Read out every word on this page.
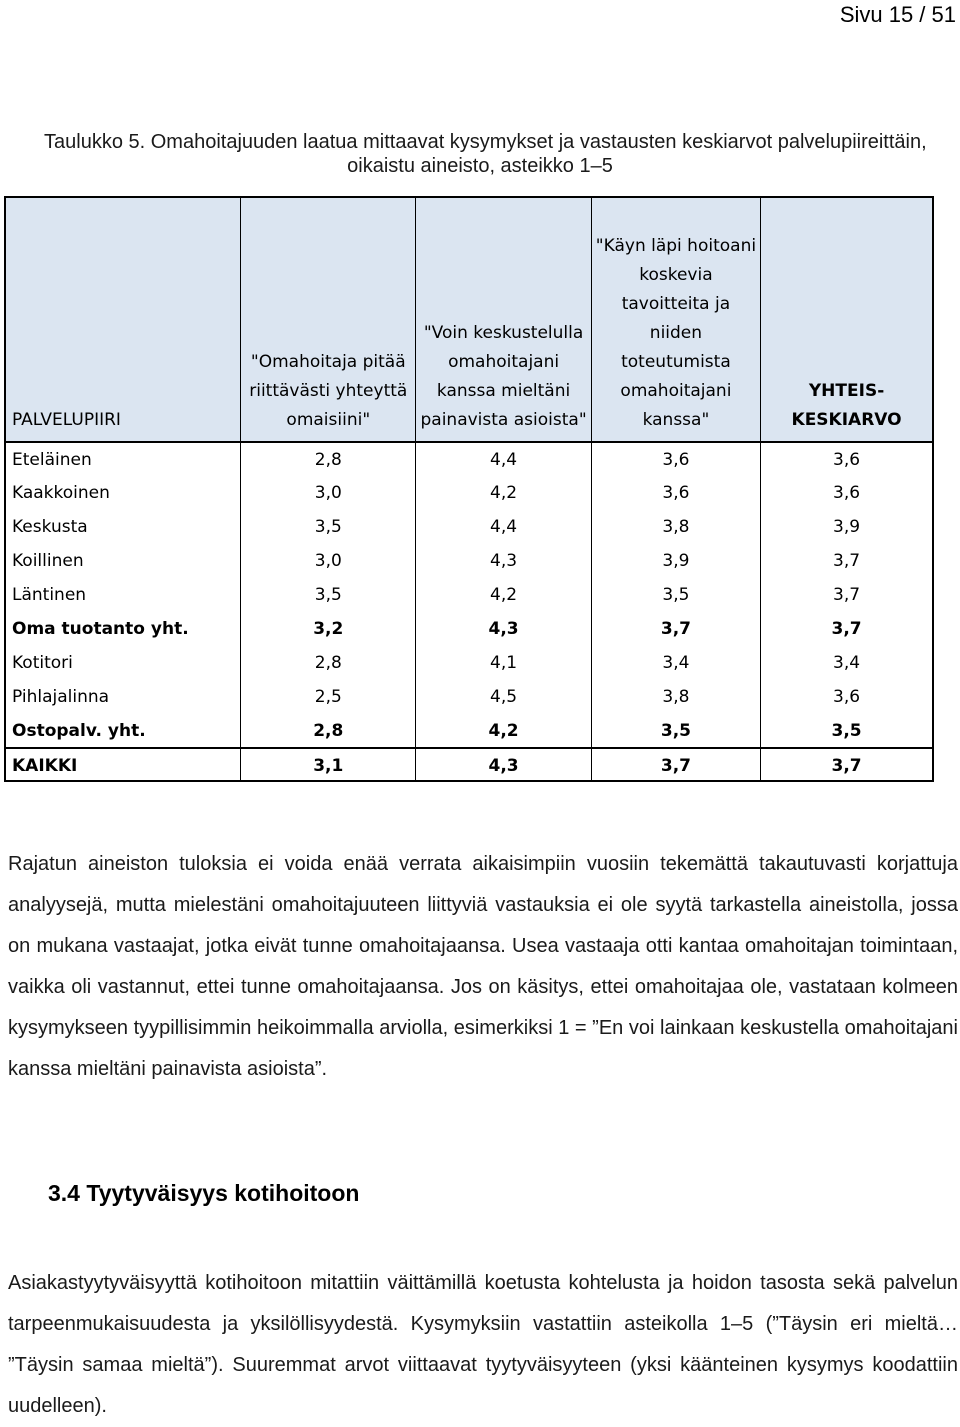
Sivu 15 / 51
Taulukko 5. Omahoitajuuden laatua mittaavat kysymykset ja vastausten keskiarvot palvelupiireittäin,
oikaistu aineisto, asteikko 1–5
PALVELUPIIRI	"Omahoitaja pitää riittävästi yhteyttä omaisiini"	"Voin keskustelulla omahoitajani kanssa mieltäni painavista asioista"	"Käyn läpi hoitoani koskevia tavoitteita ja niiden toteutumista omahoitajani kanssa"	YHTEIS-KESKIARVO
Eteläinen	2,8	4,4	3,6	3,6
Kaakkoinen	3,0	4,2	3,6	3,6
Keskusta	3,5	4,4	3,8	3,9
Koillinen	3,0	4,3	3,9	3,7
Läntinen	3,5	4,2	3,5	3,7
Oma tuotanto yht.	3,2	4,3	3,7	3,7
Kotitori	2,8	4,1	3,4	3,4
Pihlajalinna	2,5	4,5	3,8	3,6
Ostopalv. yht.	2,8	4,2	3,5	3,5
KAIKKI	3,1	4,3	3,7	3,7
Rajatun aineiston tuloksia ei voida enää verrata aikaisimpiin vuosiin tekemättä takautuvasti korjattuja analyysejä, mutta mielestäni omahoitajuuteen liittyviä vastauksia ei ole syytä tarkastella aineistolla, jossa on mukana vastaajat, jotka eivät tunne omahoitajaansa. Usea vastaaja otti kantaa omahoitajan toimintaan, vaikka oli vastannut, ettei tunne omahoitajaansa. Jos on käsitys, ettei omahoitajaa ole, vastataan kolmeen kysymykseen tyypillisimmin heikoimmalla arviolla, esimerkiksi 1 = ”En voi lainkaan keskustella omahoitajani kanssa mieltäni painavista asioista”.
3.4 Tyytyväisyys kotihoitoon
Asiakastyytyväisyyttä kotihoitoon mitattiin väittämillä koetusta kohtelusta ja hoidon tasosta sekä palvelun tarpeenmukaisuudesta ja yksilöllisyydestä. Kysymyksiin vastattiin asteikolla 1–5 (”Täysin eri mieltä… ”Täysin samaa mieltä”). Suuremmat arvot viittaavat tyytyväisyyteen (yksi käänteinen kysymys koodattiin uudelleen).
